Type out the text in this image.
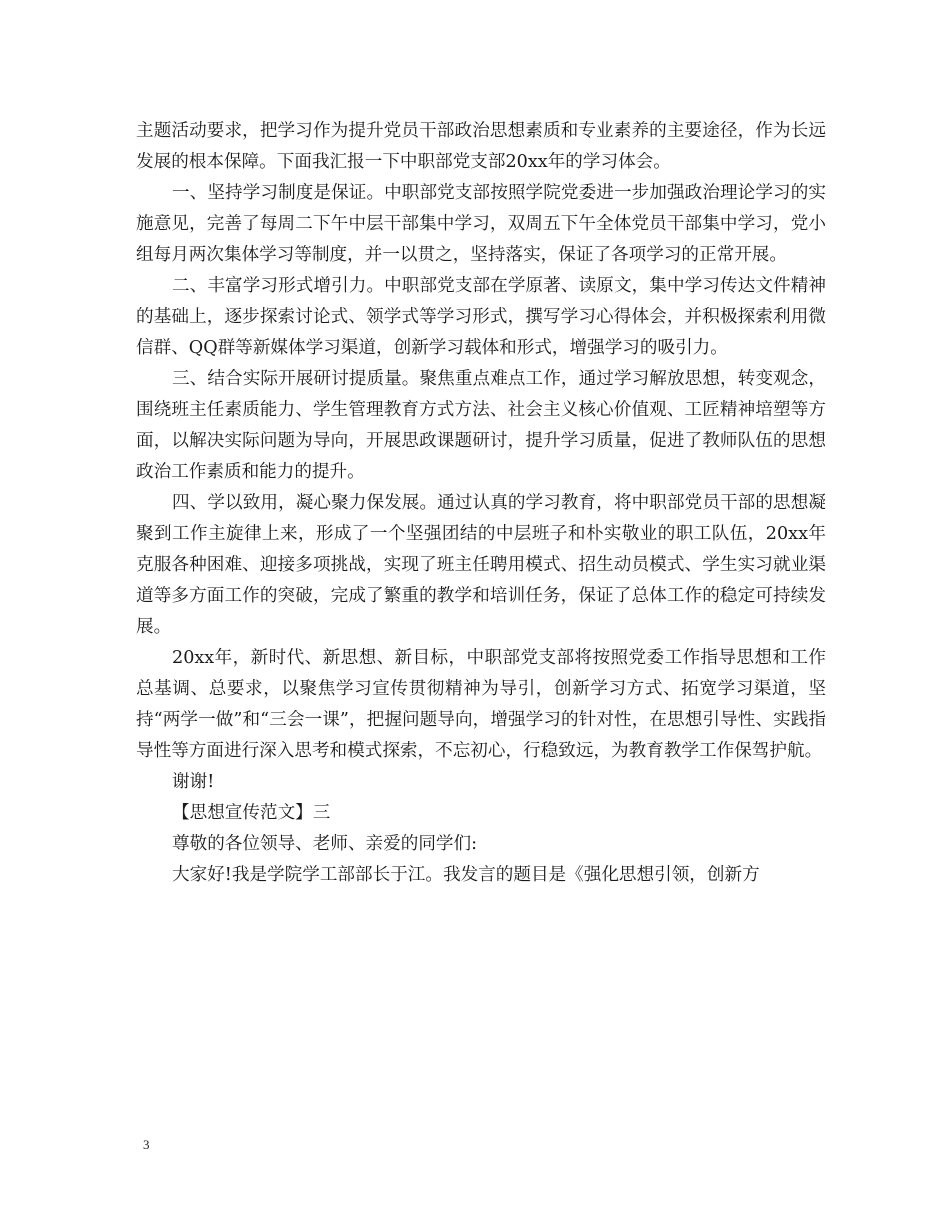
主题活动要求，把学习作为提升党员干部政治思想素质和专业素养的主要途径，作为长远发展的根本保障。下面我汇报一下中职部党支部20xx年的学习体会。

一、坚持学习制度是保证。中职部党支部按照学院党委进一步加强政治理论学习的实施意见，完善了每周二下午中层干部集中学习，双周五下午全体党员干部集中学习，党小组每月两次集体学习等制度，并一以贯之，坚持落实，保证了各项学习的正常开展。

二、丰富学习形式增引力。中职部党支部在学原著、读原文，集中学习传达文件精神的基础上，逐步探索讨论式、领学式等学习形式，撰写学习心得体会，并积极探索利用微信群、QQ群等新媒体学习渠道，创新学习载体和形式，增强学习的吸引力。

三、结合实际开展研讨提质量。聚焦重点难点工作，通过学习解放思想，转变观念，围绕班主任素质能力、学生管理教育方式方法、社会主义核心价值观、工匠精神培塑等方面，以解决实际问题为导向，开展思政课题研讨，提升学习质量，促进了教师队伍的思想政治工作素质和能力的提升。

四、学以致用，凝心聚力保发展。通过认真的学习教育，将中职部党员干部的思想凝聚到工作主旋律上来，形成了一个坚强团结的中层班子和朴实敬业的职工队伍，20xx年克服各种困难、迎接多项挑战，实现了班主任聘用模式、招生动员模式、学生实习就业渠道等多方面工作的突破，完成了繁重的教学和培训任务，保证了总体工作的稳定可持续发展。

20xx年，新时代、新思想、新目标，中职部党支部将按照党委工作指导思想和工作总基调、总要求，以聚焦学习宣传贯彻精神为导引，创新学习方式、拓宽学习渠道，坚持“两学一做”和“三会一课”，把握问题导向，增强学习的针对性，在思想引导性、实践指导性等方面进行深入思考和模式探索，不忘初心，行稳致远，为教育教学工作保驾护航。

谢谢!

【思想宣传范文】三

尊敬的各位领导、老师、亲爱的同学们:

大家好!我是学院学工部部长于江。我发言的题目是《强化思想引领，创新方

3
